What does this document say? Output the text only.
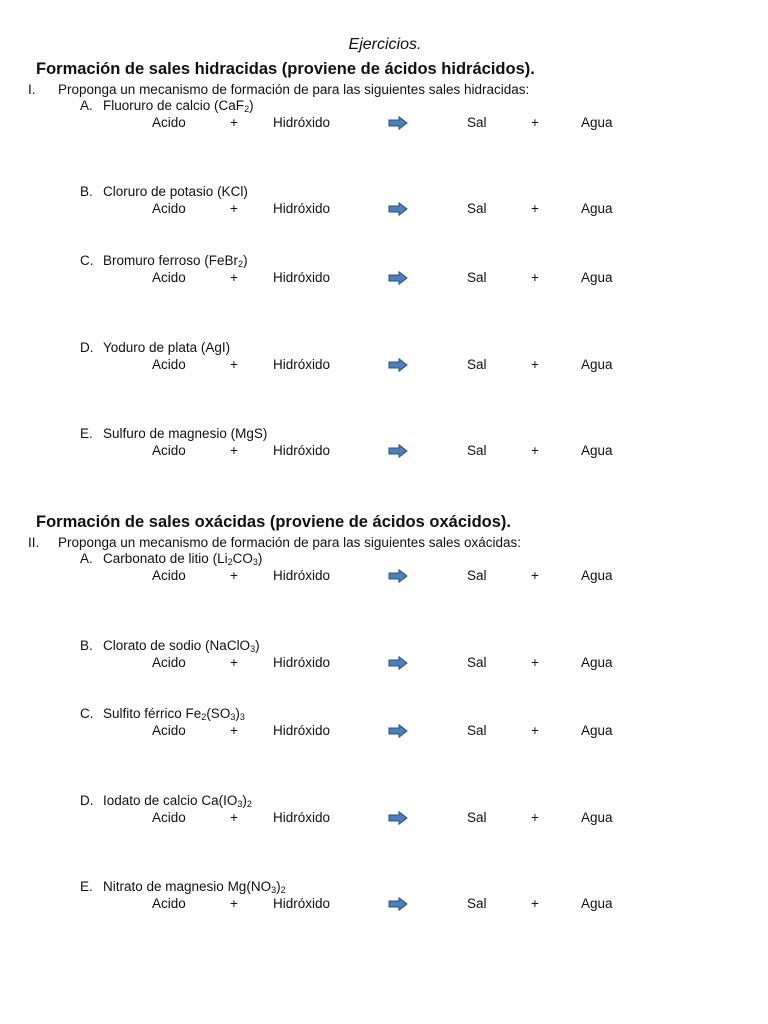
Ejercicios.
Formación de sales hidracidas (proviene de ácidos hidrácidos).
I. Proponga un mecanismo de formación de para las siguientes sales hidracidas:
Formación de sales oxácidas (proviene de ácidos oxácidos).
II. Proponga un mecanismo de formación de para las siguientes sales oxácidas:
A. Fluoruro de calcio (CaF$_2$)
Acido	+	Hidróxido	Sal	+	Agua
B. Cloruro de potasio (KCl)
Acido	+	Hidróxido	Sal	+	Agua
C. Bromuro ferroso (FeBr$_2$)
Acido	+	Hidróxido	Sal	+	Agua
D. Yoduro de plata (AgI)
Acido	+	Hidróxido	Sal	+	Agua
E. Sulfuro de magnesio (MgS)
Acido	+	Hidróxido	Sal	+	Agua
A. Carbonato de litio $(Li_2CO_3)$
Acido	+	Hidróxido	Sal	+	Agua
B. Clorato de sodio (NaClO$_3$)
Acido	+	Hidróxido	Sal	+	Agua
C. Sulfito férrico $Fe_2(SO_3)_3$
Acido	+	Hidróxido	Sal	+	Agua
D. Iodato de calcio $Ca(IO_3)_2$
Acido	+	Hidróxido	Sal	+	Agua
E. Nitrato de magnesio $Mg(NO_3)_2$
Acido	+	Hidróxido	Sal	+	Agua
